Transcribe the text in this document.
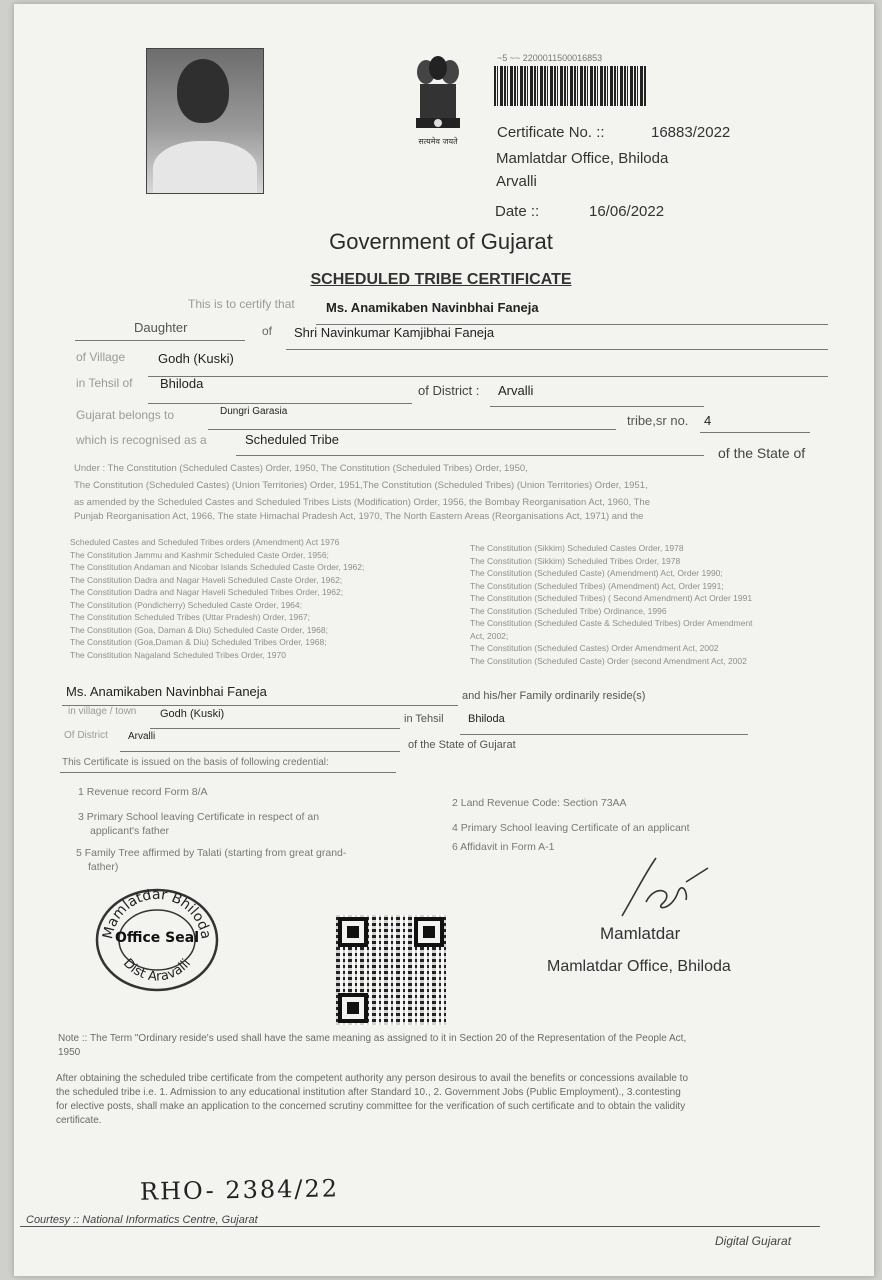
सत्यमेव जयते
~5 ~~ 2200011500016853
Certificate No. ::	16883/2022
Mamlatdar Office, Bhiloda
Arvalli
Date ::	16/06/2022
Government of Gujarat
SCHEDULED TRIBE CERTIFICATE
This is to certify that Ms. Anamikaben Navinbhai Faneja
Daughter	of Shri Navinkumar Kamjibhai Faneja
of Village	Godh (Kuski)
in Tehsil of Bhiloda	of District : Arvalli
Gujarat belongs to	Dungri Garasia
tribe,sr no. 4
which is recognised as a	Scheduled Tribe
of the State of
Under : The Constitution (Scheduled Castes) Order, 1950, The Constitution (Scheduled Tribes) Order, 1950,
The Constitution (Scheduled Castes) (Union Territories) Order, 1951,The Constitution (Scheduled Tribes) (Union Territories) Order, 1951,
as amended by the Scheduled Castes and Scheduled Tribes Lists (Modification) Order, 1956, the Bombay Reorganisation Act, 1960, The
Punjab Reorganisation Act, 1966, The state Himachal Pradesh Act, 1970, The North Eastern Areas (Reorganisations Act, 1971) and the
Scheduled Castes and Scheduled Tribes orders (Amendment) Act 1976
The Constitution Jammu and Kashmir Scheduled Caste Order, 1956;
The Constitution Andaman and Nicobar Islands Scheduled Caste Order, 1962;
The Constitution Dadra and Nagar Haveli Scheduled Caste Order, 1962;
The Constitution Dadra and Nagar Haveli Scheduled Tribes Order, 1962;
The Constitution (Pondicherry) Scheduled Caste Order, 1964;
The Constitution Scheduled Tribes (Uttar Pradesh) Order, 1967;
The Constitution (Goa, Daman & Diu) Scheduled Caste Order, 1968;
The Constitution (Goa,Daman & Diu) Scheduled Tribes Order, 1968;
The Constitution Nagaland Scheduled Tribes Order, 1970
The Constitution (Sikkim) Scheduled Castes Order, 1978
The Constitution (Sikkim) Scheduled Tribes Order, 1978
The Constitution (Scheduled Caste) (Amendment) Act, Order 1990;
The Constitution (Scheduled Tribes) (Amendment) Act, Order 1991;
The Constitution (Scheduled Tribes) ( Second Amendment) Act Order 1991
The Constitution (Scheduled Tribe) Ordinance, 1996
The Constitution (Scheduled Caste & Scheduled Tribes) Order Amendment
Act, 2002;
The Constitution (Scheduled Castes) Order Amendment Act, 2002
The Constitution (Scheduled Caste) Order (second Amendment Act, 2002
Ms. Anamikaben Navinbhai Faneja	and his/her Family ordinarily reside(s)
in village / town Godh (Kuski)	in Tehsil Bhiloda
Of District Arvalli
of the State of Gujarat
This Certificate is issued on the basis of following credential:
1 Revenue record Form 8/A
2 Land Revenue Code: Section 73AA
3 Primary School leaving Certificate in respect of an
applicant's father	4 Primary School leaving Certificate of an applicant
5 Family Tree affirmed by Talati (starting from great grand-
father)
6 Affidavit in Form A-1
Mamlatdar Bhiloda
Office Seal
Dist Aravalli
Mamlatdar
Mamlatdar Office, Bhiloda
Note :: The Term "Ordinary reside's used shall have the same meaning as assigned to it in Section 20 of the Representation of the People Act,
1950
After obtaining the scheduled tribe certificate from the competent authority any person desirous to avail the benefits or concessions available to
the scheduled tribe i.e. 1. Admission to any educational institution after Standard 10., 2. Government Jobs (Public Employment)., 3.contesting
for elective posts, shall make an application to the concerned scrutiny committee for the verification of such certificate and to obtain the validity
certificate.
RHO- 2384/22
Courtesy :: National Informatics Centre, Gujarat
Digital Gujarat
